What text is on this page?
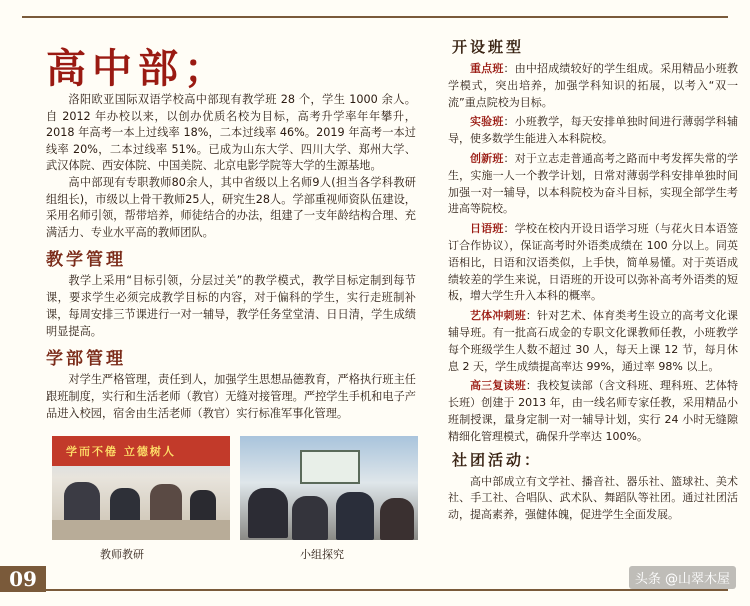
高中部；

洛阳欧亚国际双语学校高中部现有教学班 28 个，学生 1000 余人。自 2012 年办校以来，以创办优质名校为目标，高考升学率年年攀升，2018 年高考一本上过线率 18%，二本过线率 46%。2019 年高考一本过线率 20%，二本过线率 51%。已成为山东大学、四川大学、郑州大学、武汉体院、西安体院、中国美院、北京电影学院等大学的生源基地。

高中部现有专职教师80余人，其中省级以上名师9人(担当各学科教研组组长)，市级以上骨干教师25人，研究生28人。学部重视师资队伍建设，采用名师引领，帮带培养，师徒结合的办法，组建了一支年龄结构合理、充满活力、专业水平高的教师团队。

教学管理

教学上采用“目标引领，分层过关”的教学模式，教学目标定制到每节课，要求学生必须完成教学目标的内容，对于偏科的学生，实行走班制补课，每周安排三节课进行一对一辅导，教学任务堂堂清、日日清，学生成绩明显提高。

学部管理

对学生严格管理，责任到人，加强学生思想品德教育，严格执行班主任跟班制度，实行和生活老师（教官）无缝对接管理。严控学生手机和电子产品进入校园，宿舍由生活老师（教官）实行标准军事化管理。

学而不倦 立德树人
教师教研	小组探究
开设班型

重点班：由中招成绩较好的学生组成。采用精品小班教学模式，突出培养，加强学科知识的拓展，以考入“双一流”重点院校为目标。

实验班：小班教学，每天安排单独时间进行薄弱学科辅导，使多数学生能进入本科院校。

创新班：对于立志走普通高考之路而中考发挥失常的学生，实施一人一个教学计划，日常对薄弱学科安排单独时间加强一对一辅导，以本科院校为奋斗目标，实现全部学生考进高等院校。

日语班：学校在校内开设日语学习班（与花火日本语签订合作协议），保证高考时外语类成绩在 100 分以上。同英语相比，日语和汉语类似，上手快，简单易懂。对于英语成绩较差的学生来说，日语班的开设可以弥补高考外语类的短板，增大学生升入本科的概率。

艺体冲刺班：针对艺术、体育类考生设立的高考文化课辅导班。有一批高石成金的专职文化课教师任教，小班教学每个班级学生人数不超过 30 人，每天上课 12 节，每月休息 2 天，学生成绩提高率达 99%，通过率 98% 以上。

高三复读班：我校复读部（含文科班、理科班、艺体特长班）创建于 2013 年，由一线名师专家任教，采用精品小班制授课，量身定制一对一辅导计划，实行 24 小时无缝隙精细化管理模式，确保升学率达 100%。

社团活动：

高中部成立有文学社、播音社、器乐社、篮球社、美术社、手工社、合唱队、武术队、舞蹈队等社团。通过社团活动，提高素养，强健体魄，促进学生全面发展。

09	头条 @山翠木屋
